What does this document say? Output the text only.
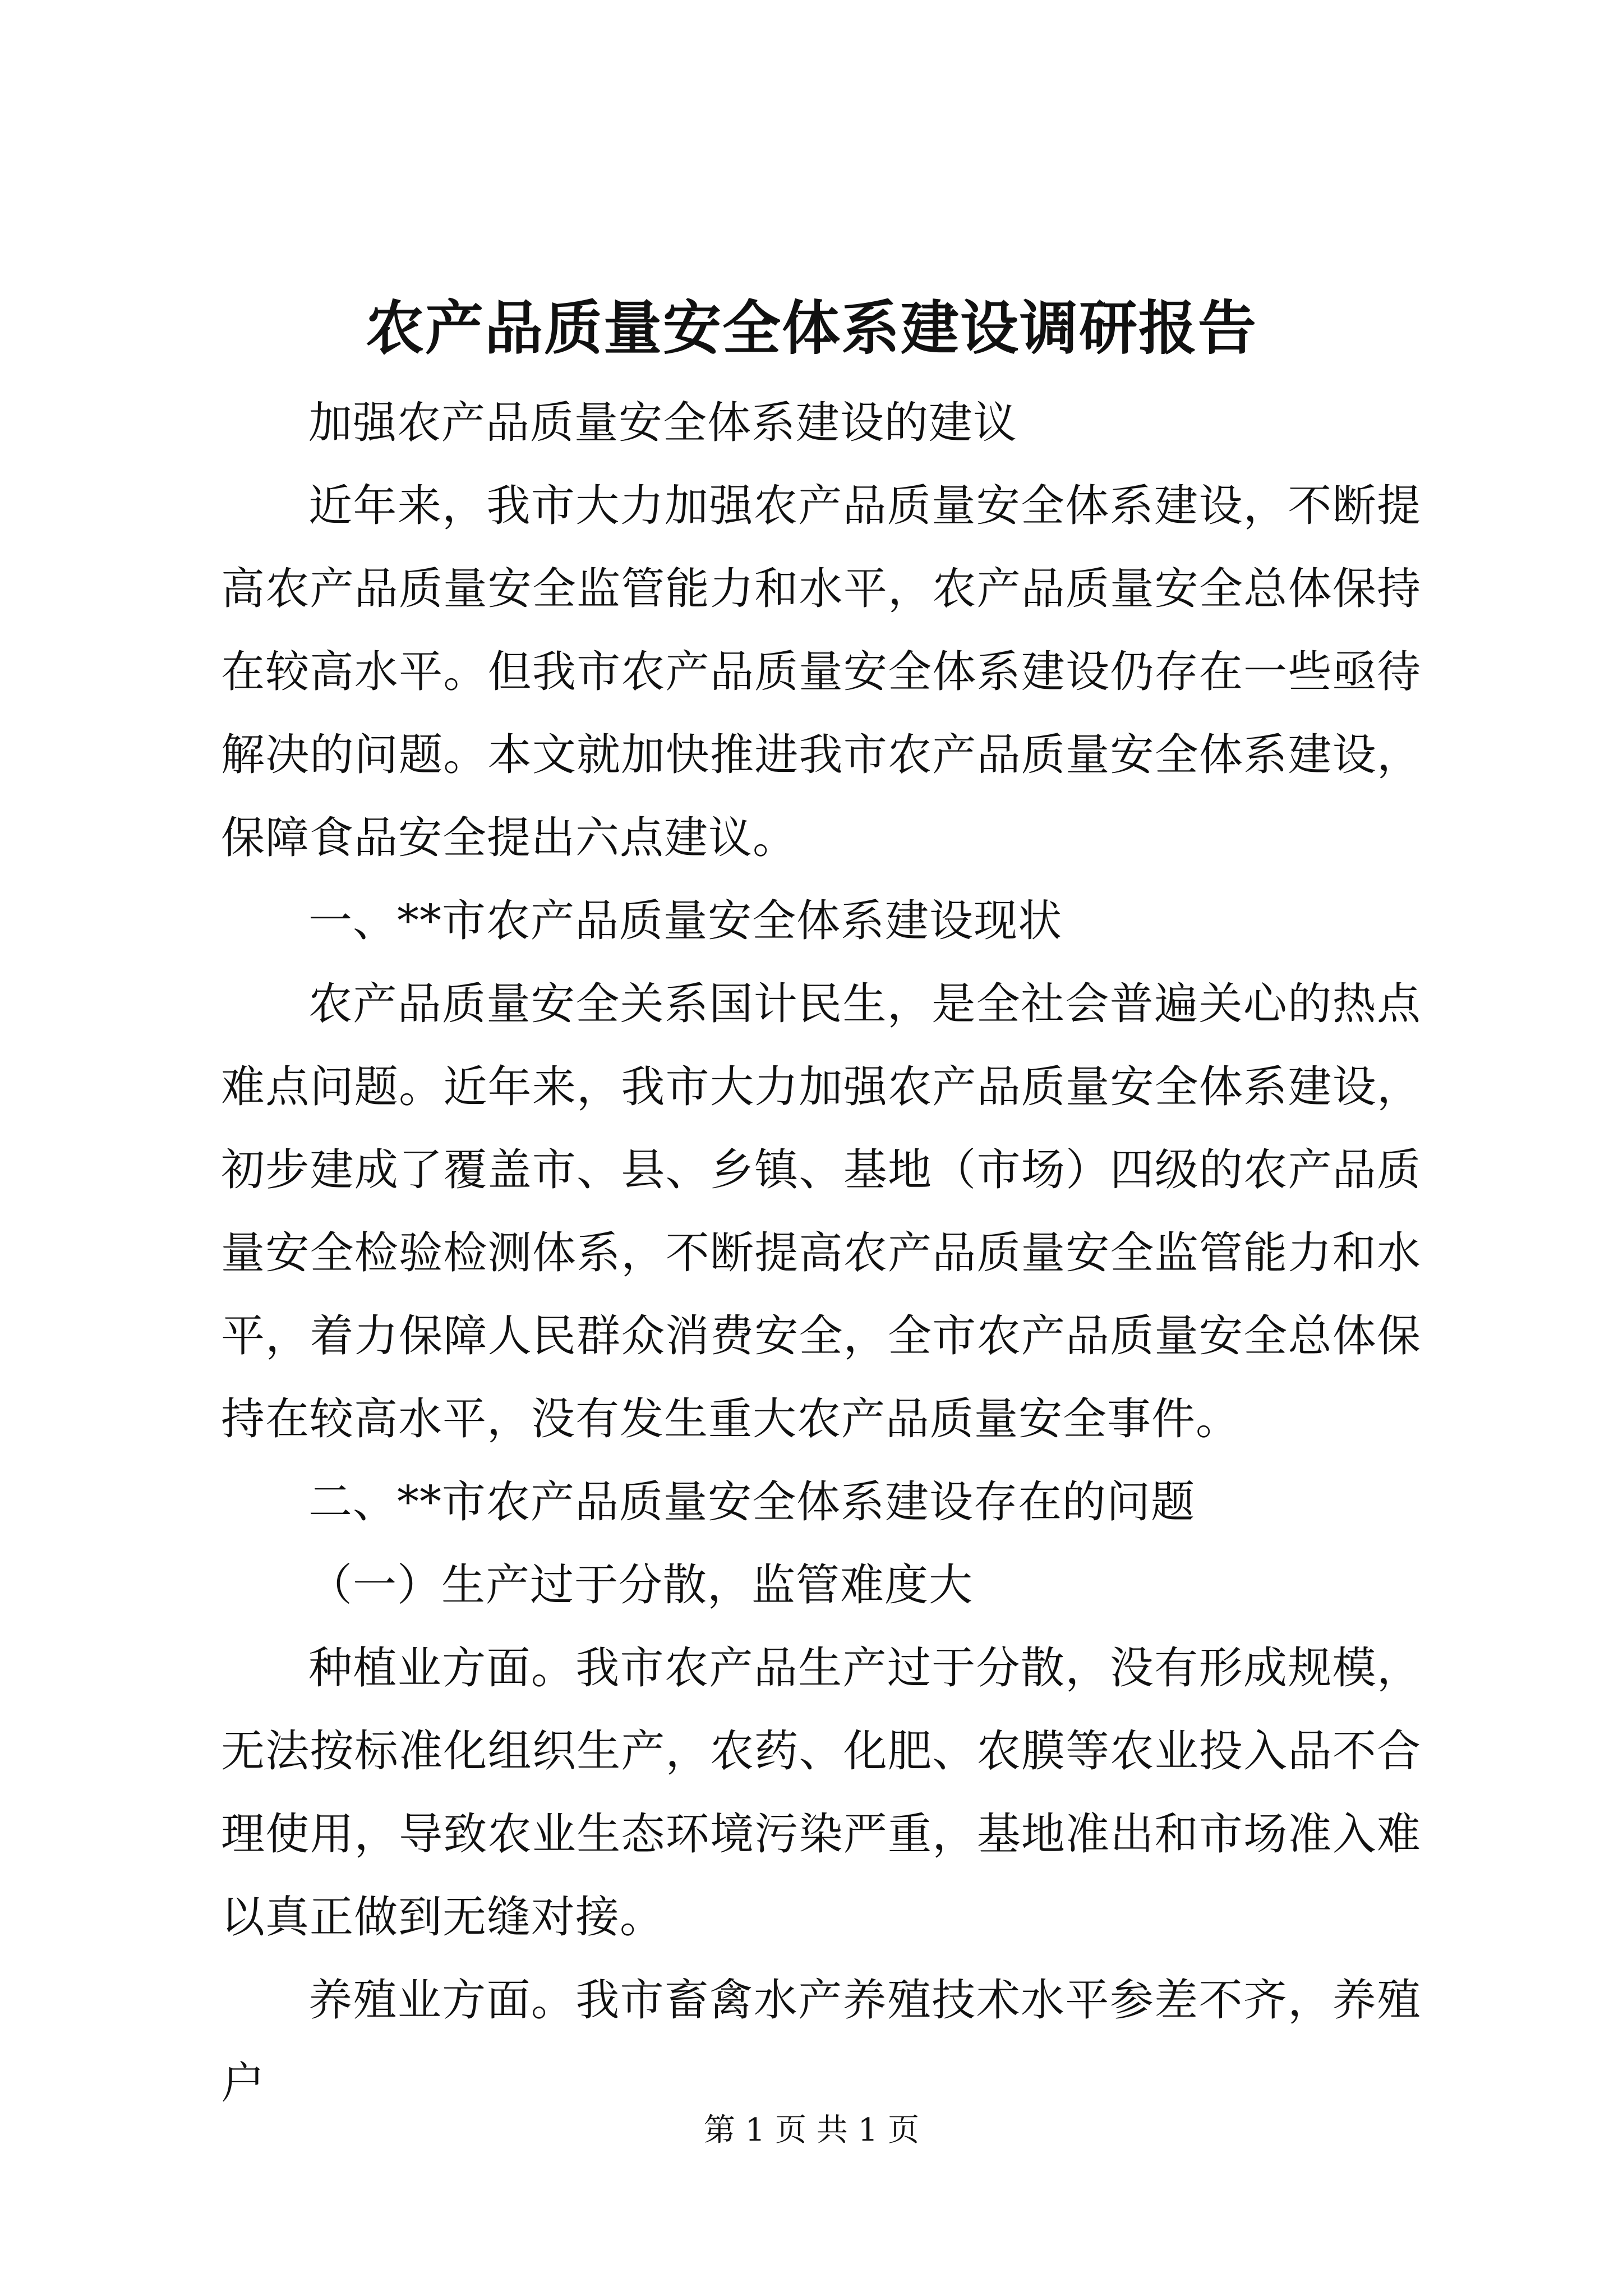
农产品质量安全体系建设调研报告

加强农产品质量安全体系建设的建议

近年来，我市大力加强农产品质量安全体系建设，不断提高农产品质量安全监管能力和水平，农产品质量安全总体保持在较高水平。但我市农产品质量安全体系建设仍存在一些亟待解决的问题。本文就加快推进我市农产品质量安全体系建设，保障食品安全提出六点建议。

一、**市农产品质量安全体系建设现状

农产品质量安全关系国计民生，是全社会普遍关心的热点难点问题。近年来，我市大力加强农产品质量安全体系建设，初步建成了覆盖市、县、乡镇、基地（市场）四级的农产品质量安全检验检测体系，不断提高农产品质量安全监管能力和水平，着力保障人民群众消费安全，全市农产品质量安全总体保持在较高水平，没有发生重大农产品质量安全事件。

二、**市农产品质量安全体系建设存在的问题

（一）生产过于分散，监管难度大

种植业方面。我市农产品生产过于分散，没有形成规模，无法按标准化组织生产，农药、化肥、农膜等农业投入品不合理使用，导致农业生态环境污染严重，基地准出和市场准入难以真正做到无缝对接。

养殖业方面。我市畜禽水产养殖技术水平参差不齐，养殖户

第 1 页 共 1 页
